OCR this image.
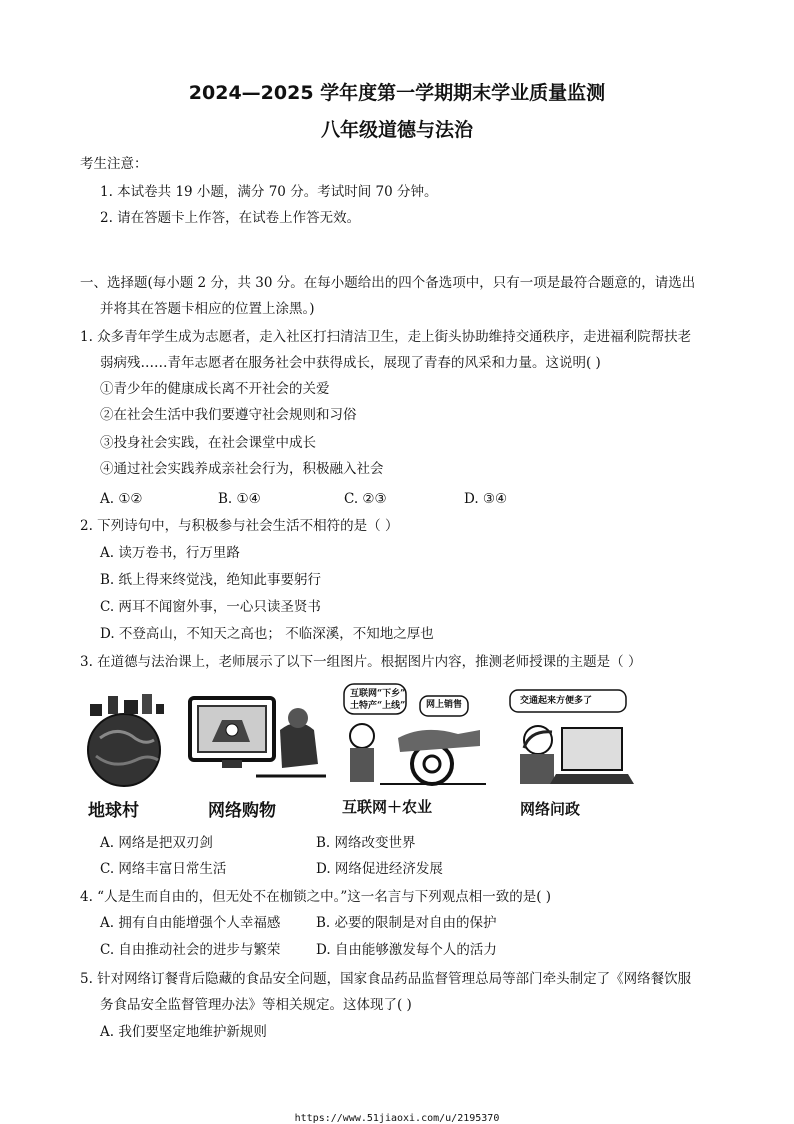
2024—2025 学年度第一学期期末学业质量监测
八年级道德与法治
考生注意：
1. 本试卷共 19 小题，满分 70 分。考试时间 70 分钟。
2. 请在答题卡上作答，在试卷上作答无效。
一、选择题(每小题 2 分，共 30 分。在每小题给出的四个备选项中，只有一项是最符合题意的，请选出
并将其在答题卡相应的位置上涂黑。)
1. 众多青年学生成为志愿者，走入社区打扫清洁卫生，走上街头协助维持交通秩序，走进福利院帮扶老
弱病残……青年志愿者在服务社会中获得成长，展现了青春的风采和力量。这说明( )
①青少年的健康成长离不开社会的关爱
②在社会生活中我们要遵守社会规则和习俗
③投身社会实践，在社会课堂中成长
④通过社会实践养成亲社会行为，积极融入社会
A. ①②	B. ①④	C. ②③	D. ③④
2. 下列诗句中，与积极参与社会生活不相符的是（ ）
A. 读万卷书，行万里路
B. 纸上得来终觉浅，绝知此事要躬行
C. 两耳不闻窗外事，一心只读圣贤书
D. 不登高山，不知天之高也； 不临深溪，不知地之厚也
3. 在道德与法治课上，老师展示了以下一组图片。根据图片内容，推测老师授课的主题是（ ）
地球村	网络购物
互联网“下乡”
土特产“上线” 网上销售
互联网＋农业
交通起来方便多了
网络问政
A. 网络是把双刃剑	B. 网络改变世界
C. 网络丰富日常生活	D. 网络促进经济发展
4. “人是生而自由的，但无处不在枷锁之中。”这一名言与下列观点相一致的是( )
A. 拥有自由能增强个人幸福感	B. 必要的限制是对自由的保护
C. 自由推动社会的进步与繁荣	D. 自由能够激发每个人的活力
5. 针对网络订餐背后隐藏的食品安全问题，国家食品药品监督管理总局等部门牵头制定了《网络餐饮服
务食品安全监督管理办法》等相关规定。这体现了( )
A. 我们要坚定地维护新规则
https://www.51jiaoxi.com/u/2195370
